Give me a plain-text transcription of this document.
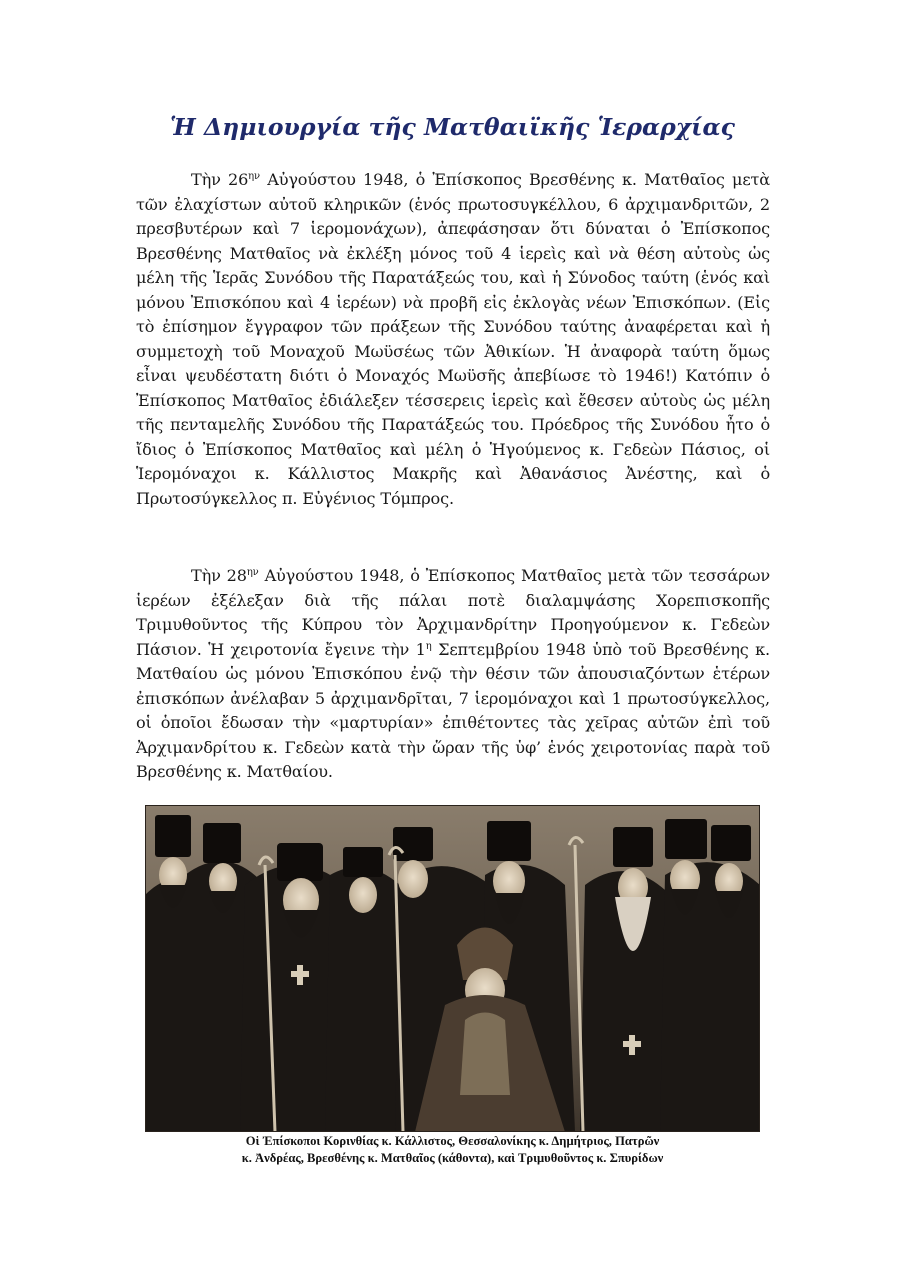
Ἡ Δημιουργία τῆς Ματθαιϊκῆς Ἱεραρχίας

Τὴν $26^{\eta\nu}$ Αὐγούστου 1948, ὁ Ἐπίσκοπος Βρεσθένης κ. Ματθαῖος μετὰ τῶν ἐλαχίστων αὐτοῦ κληρικῶν (ἑνός πρωτοσυγκέλλου, 6 ἀρχιμανδριτῶν, 2 πρεσβυτέρων καὶ 7 ἱερομονάχων), ἀπεφάσησαν ὅτι δύναται ὁ Ἐπίσκοπος Βρεσθένης Ματθαῖος νὰ ἐκλέξη μόνος τοῦ 4 ἱερεὶς καὶ νὰ θέση αὐτοὺς ὡς μέλη τῆς Ἱερᾶς Συνόδου τῆς Παρατάξεώς του, καὶ ἡ Σύνοδος ταύτη (ἑνός καὶ μόνου Ἐπισκόπου καὶ 4 ἱερέων) νὰ προβῆ εἰς ἐκλογὰς νέων Ἐπισκόπων. (Εἰς τὸ ἐπίσημον ἔγγραφον τῶν πράξεων τῆς Συνόδου ταύτης ἀναφέρεται καὶ ἡ συμμετοχὴ τοῦ Μοναχοῦ Μωϋσέως τῶν Ἀθικίων. Ἡ ἀναφορὰ ταύτη ὅμως εἶναι ψευδέστατη διότι ὁ Μοναχός Μωϋσῆς ἀπεβίωσε τὸ 1946!) Κατόπιν ὁ Ἐπίσκοπος Ματθαῖος ἐδιάλεξεν τέσσερεις ἱερεὶς καὶ ἔθεσεν αὐτοὺς ὡς μέλη τῆς πενταμελῆς Συνόδου τῆς Παρατάξεώς του. Πρόεδρος τῆς Συνόδου ἦτο ὁ ἴδιος ὁ Ἐπίσκοπος Ματθαῖος καὶ μέλη ὁ Ἡγούμενος κ. Γεδεὼν Πάσιος, οἱ Ἱερομόναχοι κ. Κάλλιστος Μακρῆς καὶ Ἀθανάσιος Ἀνέστης, καὶ ὁ Πρωτοσύγκελλος π. Εὐγένιος Τόμπρος.

Τὴν $28^{\eta\nu}$ Αὐγούστου 1948, ὁ Ἐπίσκοπος Ματθαῖος μετὰ τῶν τεσσάρων ἱερέων ἐξέλεξαν διὰ τῆς πάλαι ποτὲ διαλαμψάσης Χορεπισκοπῆς Τριμυθοῦντος τῆς Κύπρου τὸν Ἀρχιμανδρίτην Προηγούμενον κ. Γεδεὼν Πάσιον. Ἡ χειροτονία ἔγεινε τὴν $1^\eta$ Σεπτεμβρίου 1948 ὑπὸ τοῦ Βρεσθένης κ. Ματθαίου ὡς μόνου Ἐπισκόπου ἐνῷ τὴν θέσιν τῶν ἀπουσιαζόντων ἑτέρων ἐπισκόπων ἀνέλαβαν 5 ἀρχιμανδρῖται, 7 ἱερομόναχοι καὶ 1 πρωτοσύγκελλος, οἱ ὁποῖοι ἔδωσαν τὴν «μαρτυρίαν» ἐπιθέτοντες τὰς χεῖρας αὐτῶν ἐπὶ τοῦ Ἀρχιμανδρίτου κ. Γεδεὼν κατὰ τὴν ὥραν τῆς ὑφ’ ἑνός χειροτονίας παρὰ τοῦ Βρεσθένης κ. Ματθαίου.

Οἱ Ἐπίσκοποι Κορινθίας κ. Κάλλιστος, Θεσσαλονίκης κ. Δημήτριος, Πατρῶν
κ. Ἀνδρέας, Βρεσθένης κ. Ματθαῖος (κάθοντα), καὶ Τριμυθοῦντος κ. Σπυρίδων
